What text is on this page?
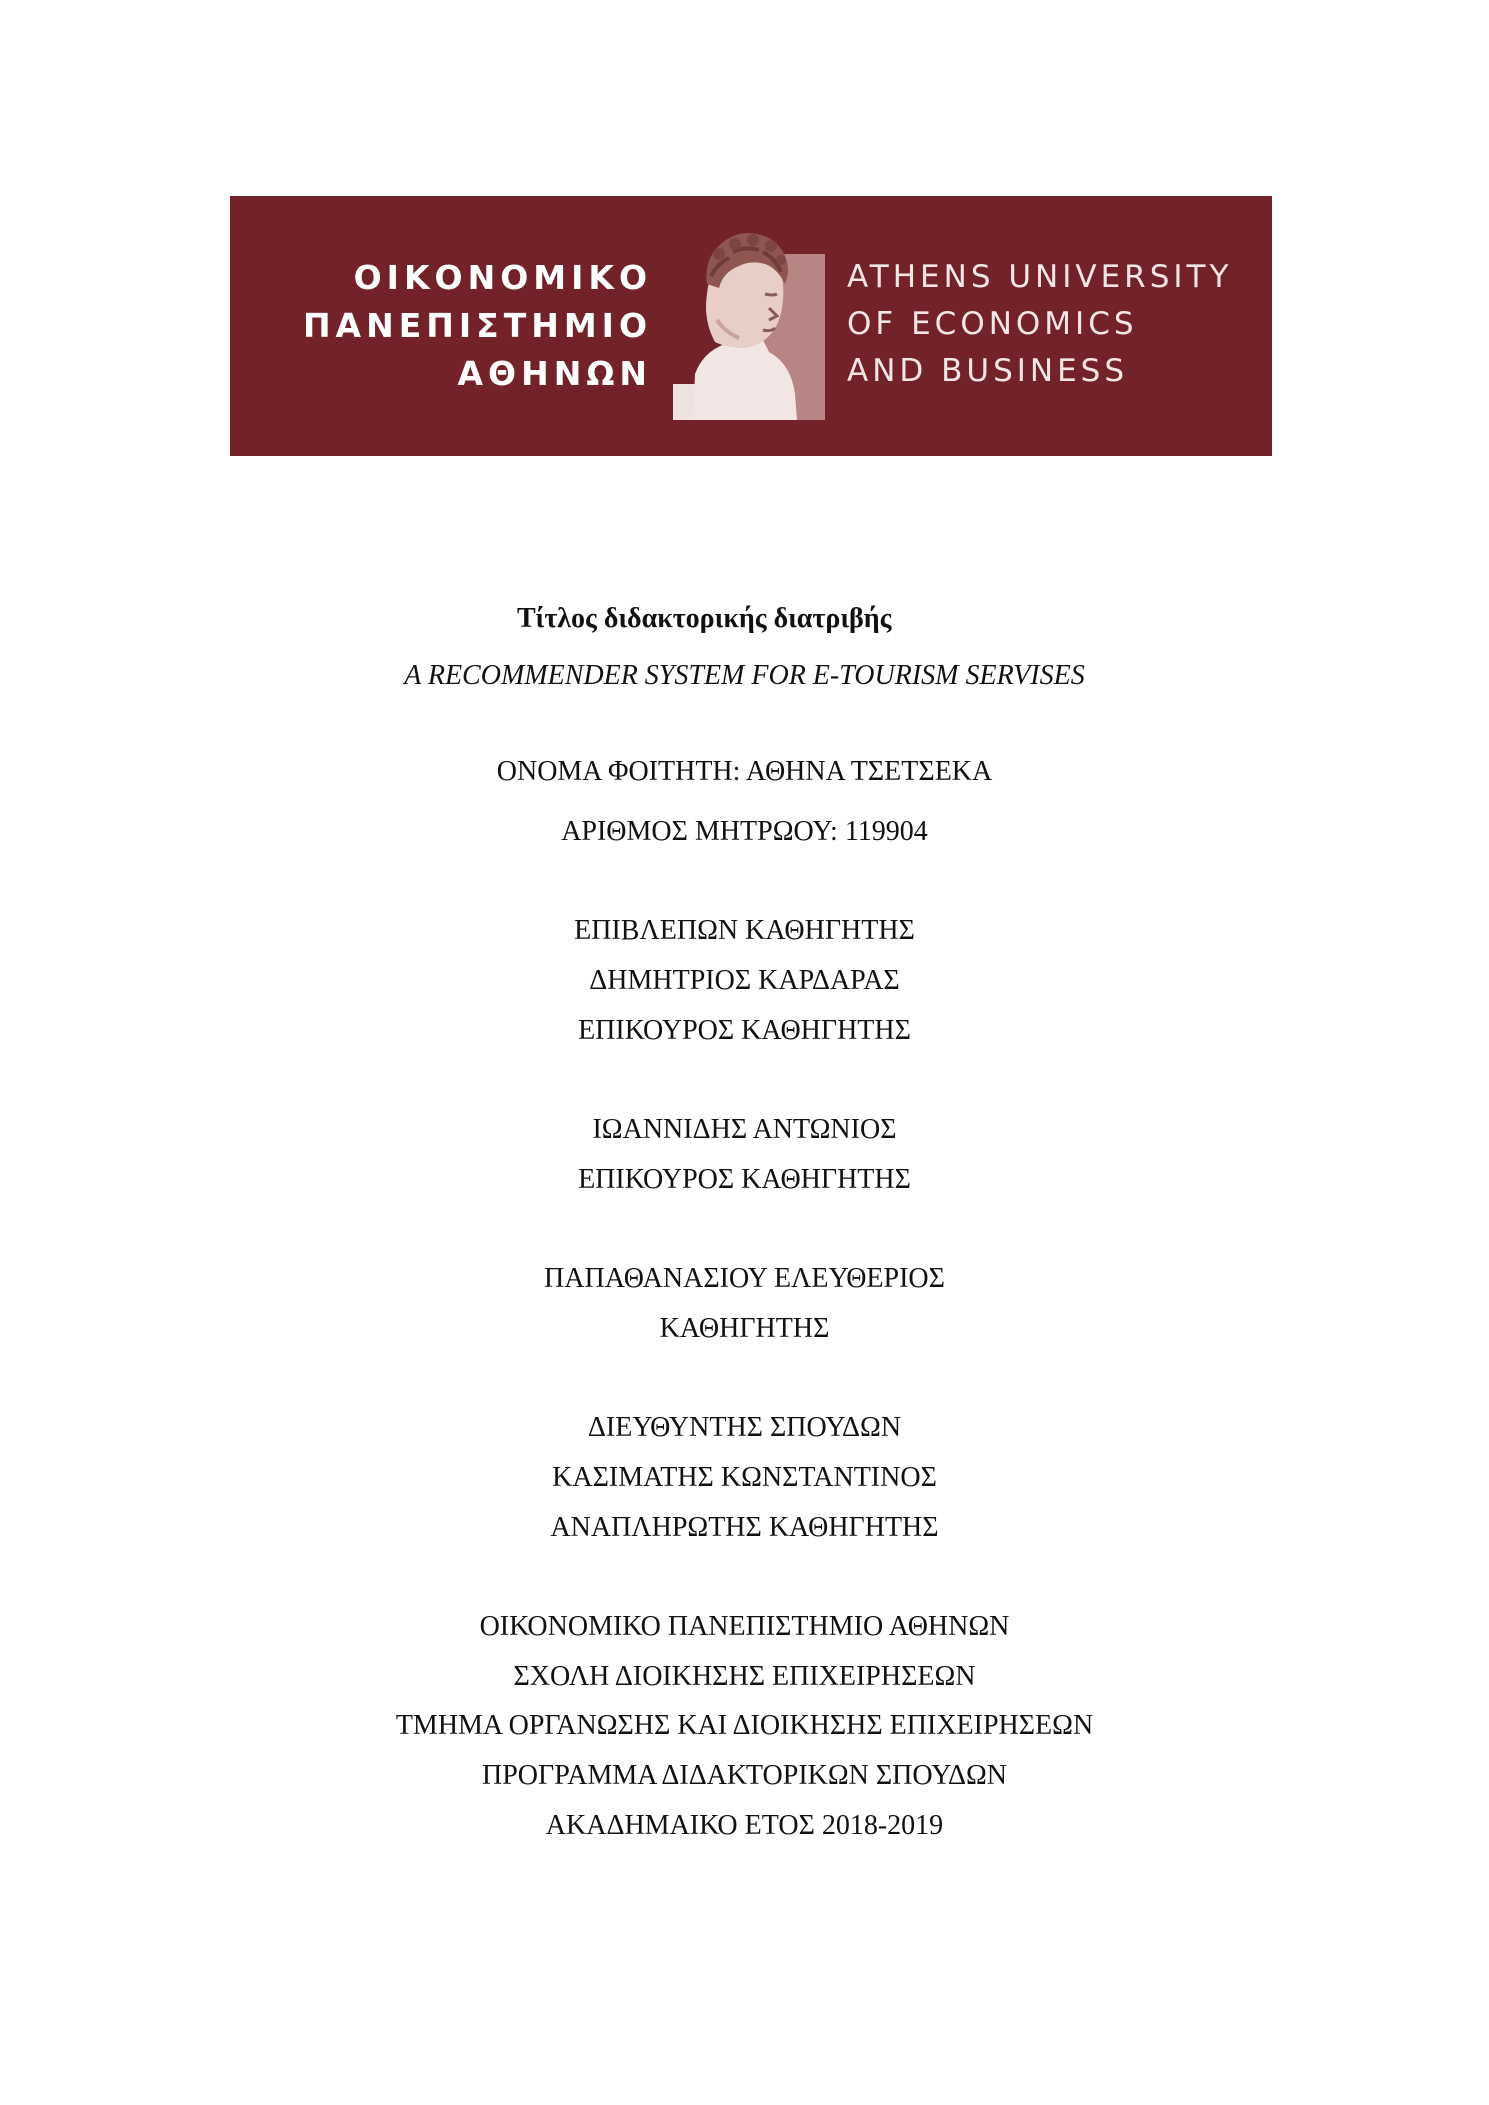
ΟΙΚΟΝΟΜΙΚΟ
ΠΑΝΕΠΙΣΤΗΜΙΟ
ΑΘΗΝΩΝ
ATHENS UNIVERSITY
OF ECONOMICS
AND BUSINESS
Τίτλος διδακτορικής διατριβής
A RECOMMENDER SYSTEM FOR E-TOURISM SERVISES
ΟΝΟΜΑ ΦΟΙΤΗΤΗ: ΑΘΗΝΑ ΤΣΕΤΣΕΚΑ
ΑΡΙΘΜΟΣ ΜΗΤΡΩΟΥ: 119904
ΕΠΙΒΛΕΠΩΝ ΚΑΘΗΓΗΤΗΣ
ΔΗΜΗΤΡΙΟΣ ΚΑΡΔΑΡΑΣ
ΕΠΙΚΟΥΡΟΣ ΚΑΘΗΓΗΤΗΣ
ΙΩΑΝΝΙΔΗΣ ΑΝΤΩΝΙΟΣ
ΕΠΙΚΟΥΡΟΣ ΚΑΘΗΓΗΤΗΣ
ΠΑΠΑΘΑΝΑΣΙΟΥ ΕΛΕΥΘΕΡΙΟΣ
ΚΑΘΗΓΗΤΗΣ
ΔΙΕΥΘΥΝΤΗΣ ΣΠΟΥΔΩΝ
ΚΑΣΙΜΑΤΗΣ ΚΩΝΣΤΑΝΤΙΝΟΣ
ΑΝΑΠΛΗΡΩΤΗΣ ΚΑΘΗΓΗΤΗΣ
ΟΙΚΟΝΟΜΙΚΟ ΠΑΝΕΠΙΣΤΗΜΙΟ ΑΘΗΝΩΝ
ΣΧΟΛΗ ΔΙΟΙΚΗΣΗΣ ΕΠΙΧΕΙΡΗΣΕΩΝ
ΤΜΗΜΑ ΟΡΓΑΝΩΣΗΣ ΚΑΙ ΔΙΟΙΚΗΣΗΣ ΕΠΙΧΕΙΡΗΣΕΩΝ
ΠΡΟΓΡΑΜΜΑ ΔΙΔΑΚΤΟΡΙΚΩΝ ΣΠΟΥΔΩΝ
ΑΚΑΔΗΜΑΙΚΟ ΕΤΟΣ 2018-2019
